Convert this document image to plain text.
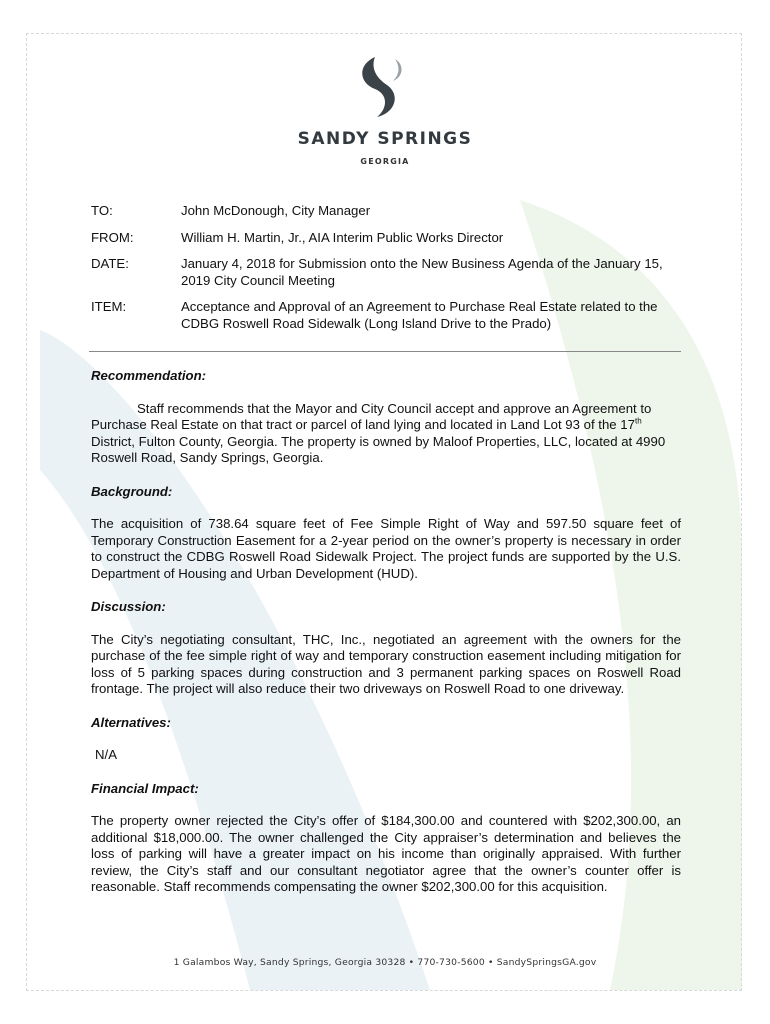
SANDY SPRINGS
GEORGIA
TO:	John McDonough, City Manager
FROM:	William H. Martin, Jr., AIA Interim Public Works Director
DATE:	January 4, 2018 for Submission onto the New Business Agenda of the January 15, 2019 City Council Meeting
ITEM:	Acceptance and Approval of an Agreement to Purchase Real Estate related to the CDBG Roswell Road Sidewalk (Long Island Drive to the Prado)

Recommendation:

Staff recommends that the Mayor and City Council accept and approve an Agreement to Purchase Real Estate on that tract or parcel of land lying and located in Land Lot 93 of the 17th District, Fulton County, Georgia. The property is owned by Maloof Properties, LLC, located at 4990 Roswell Road, Sandy Springs, Georgia.

Background:

The acquisition of 738.64 square feet of Fee Simple Right of Way and 597.50 square feet of Temporary Construction Easement for a 2-year period on the owner’s property is necessary in order to construct the CDBG Roswell Road Sidewalk Project. The project funds are supported by the U.S. Department of Housing and Urban Development (HUD).

Discussion:

The City’s negotiating consultant, THC, Inc., negotiated an agreement with the owners for the purchase of the fee simple right of way and temporary construction easement including mitigation for loss of 5 parking spaces during construction and 3 permanent parking spaces on Roswell Road frontage. The project will also reduce their two driveways on Roswell Road to one driveway.

Alternatives:

N/A

Financial Impact:

The property owner rejected the City’s offer of $184,300.00 and countered with $202,300.00, an additional $18,000.00. The owner challenged the City appraiser’s determination and believes the loss of parking will have a greater impact on his income than originally appraised. With further review, the City’s staff and our consultant negotiator agree that the owner’s counter offer is reasonable. Staff recommends compensating the owner $202,300.00 for this acquisition.

1 Galambos Way, Sandy Springs, Georgia 30328 • 770-730-5600 • SandySpringsGA.gov
